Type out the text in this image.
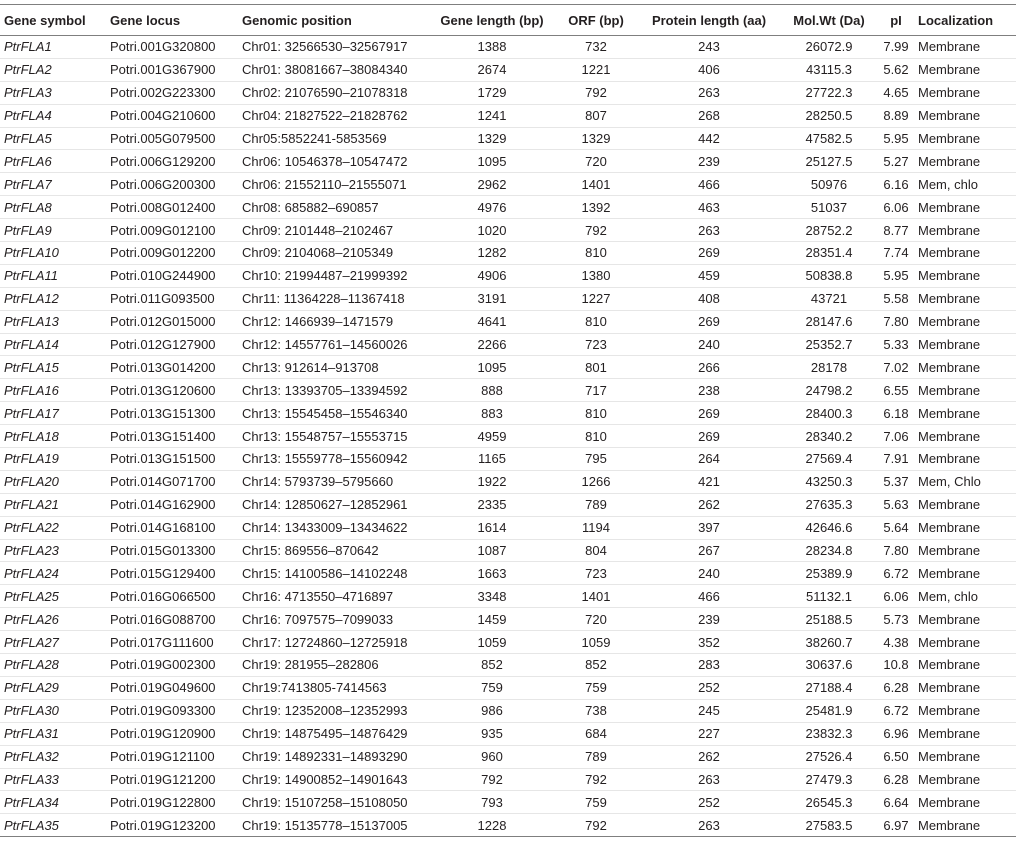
Gene symbol	Gene locus	Genomic position	Gene length (bp)	ORF (bp)	Protein length (aa)	Mol.Wt (Da)	pI	Localization
PtrFLA1	Potri.001G320800	Chr01: 32566530–32567917	1388	732	243	26072.9	7.99	Membrane
PtrFLA2	Potri.001G367900	Chr01: 38081667–38084340	2674	1221	406	43115.3	5.62	Membrane
PtrFLA3	Potri.002G223300	Chr02: 21076590–21078318	1729	792	263	27722.3	4.65	Membrane
PtrFLA4	Potri.004G210600	Chr04: 21827522–21828762	1241	807	268	28250.5	8.89	Membrane
PtrFLA5	Potri.005G079500	Chr05:5852241-5853569	1329	1329	442	47582.5	5.95	Membrane
PtrFLA6	Potri.006G129200	Chr06: 10546378–10547472	1095	720	239	25127.5	5.27	Membrane
PtrFLA7	Potri.006G200300	Chr06: 21552110–21555071	2962	1401	466	50976	6.16	Mem, chlo
PtrFLA8	Potri.008G012400	Chr08: 685882–690857	4976	1392	463	51037	6.06	Membrane
PtrFLA9	Potri.009G012100	Chr09: 2101448–2102467	1020	792	263	28752.2	8.77	Membrane
PtrFLA10	Potri.009G012200	Chr09: 2104068–2105349	1282	810	269	28351.4	7.74	Membrane
PtrFLA11	Potri.010G244900	Chr10: 21994487–21999392	4906	1380	459	50838.8	5.95	Membrane
PtrFLA12	Potri.011G093500	Chr11: 11364228–11367418	3191	1227	408	43721	5.58	Membrane
PtrFLA13	Potri.012G015000	Chr12: 1466939–1471579	4641	810	269	28147.6	7.80	Membrane
PtrFLA14	Potri.012G127900	Chr12: 14557761–14560026	2266	723	240	25352.7	5.33	Membrane
PtrFLA15	Potri.013G014200	Chr13: 912614–913708	1095	801	266	28178	7.02	Membrane
PtrFLA16	Potri.013G120600	Chr13: 13393705–13394592	888	717	238	24798.2	6.55	Membrane
PtrFLA17	Potri.013G151300	Chr13: 15545458–15546340	883	810	269	28400.3	6.18	Membrane
PtrFLA18	Potri.013G151400	Chr13: 15548757–15553715	4959	810	269	28340.2	7.06	Membrane
PtrFLA19	Potri.013G151500	Chr13: 15559778–15560942	1165	795	264	27569.4	7.91	Membrane
PtrFLA20	Potri.014G071700	Chr14: 5793739–5795660	1922	1266	421	43250.3	5.37	Mem, Chlo
PtrFLA21	Potri.014G162900	Chr14: 12850627–12852961	2335	789	262	27635.3	5.63	Membrane
PtrFLA22	Potri.014G168100	Chr14: 13433009–13434622	1614	1194	397	42646.6	5.64	Membrane
PtrFLA23	Potri.015G013300	Chr15: 869556–870642	1087	804	267	28234.8	7.80	Membrane
PtrFLA24	Potri.015G129400	Chr15: 14100586–14102248	1663	723	240	25389.9	6.72	Membrane
PtrFLA25	Potri.016G066500	Chr16: 4713550–4716897	3348	1401	466	51132.1	6.06	Mem, chlo
PtrFLA26	Potri.016G088700	Chr16: 7097575–7099033	1459	720	239	25188.5	5.73	Membrane
PtrFLA27	Potri.017G111600	Chr17: 12724860–12725918	1059	1059	352	38260.7	4.38	Membrane
PtrFLA28	Potri.019G002300	Chr19: 281955–282806	852	852	283	30637.6	10.8	Membrane
PtrFLA29	Potri.019G049600	Chr19:7413805-7414563	759	759	252	27188.4	6.28	Membrane
PtrFLA30	Potri.019G093300	Chr19: 12352008–12352993	986	738	245	25481.9	6.72	Membrane
PtrFLA31	Potri.019G120900	Chr19: 14875495–14876429	935	684	227	23832.3	6.96	Membrane
PtrFLA32	Potri.019G121100	Chr19: 14892331–14893290	960	789	262	27526.4	6.50	Membrane
PtrFLA33	Potri.019G121200	Chr19: 14900852–14901643	792	792	263	27479.3	6.28	Membrane
PtrFLA34	Potri.019G122800	Chr19: 15107258–15108050	793	759	252	26545.3	6.64	Membrane
PtrFLA35	Potri.019G123200	Chr19: 15135778–15137005	1228	792	263	27583.5	6.97	Membrane
